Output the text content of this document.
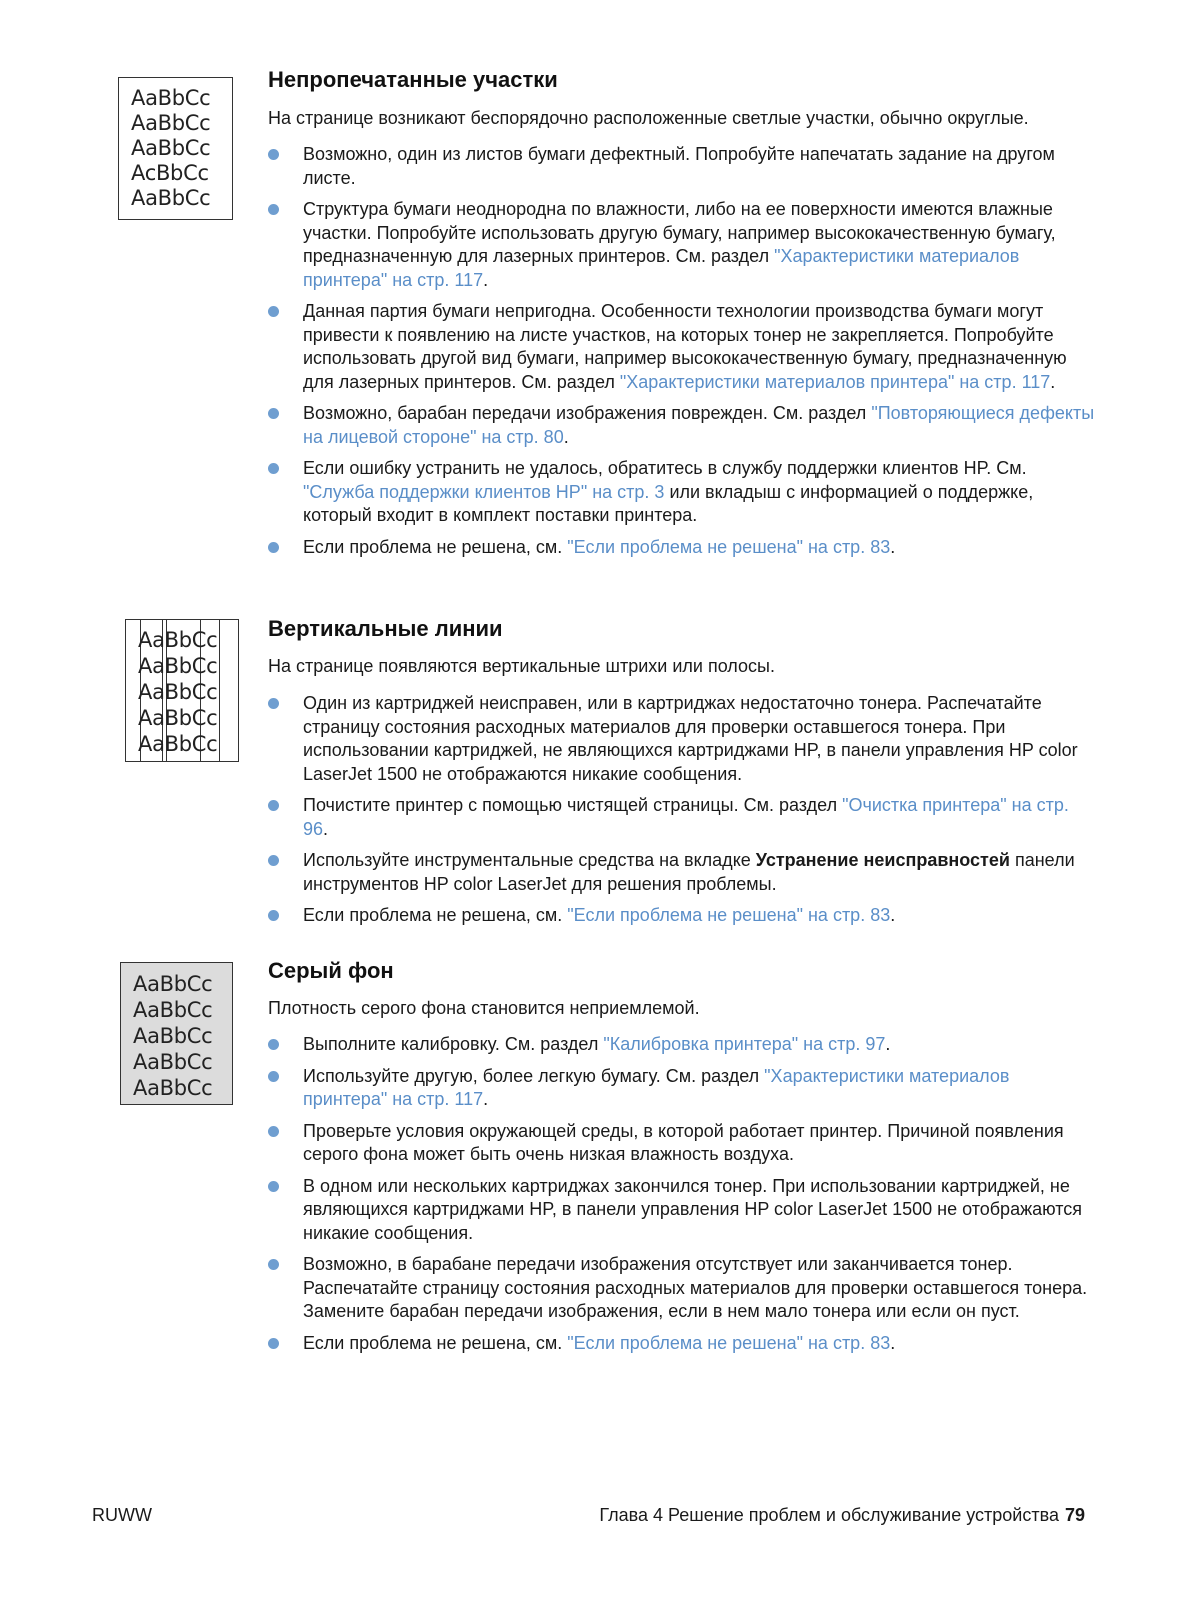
AaBbCc
AaBbCc
AaBbCc
AcBbCc
AaBbCc
Непропечатанные участки

На странице возникают беспорядочно расположенные светлые участки, обычно округлые.

Возможно, один из листов бумаги дефектный. Попробуйте напечатать задание на другом листе.
Структура бумаги неоднородна по влажности, либо на ее поверхности имеются влажные участки. Попробуйте использовать другую бумагу, например высококачественную бумагу, предназначенную для лазерных принтеров. См. раздел "Характеристики материалов принтера" на стр. 117.
Данная партия бумаги непригодна. Особенности технологии производства бумаги могут привести к появлению на листе участков, на которых тонер не закрепляется. Попробуйте использовать другой вид бумаги, например высококачественную бумагу, предназначенную для лазерных принтеров. См. раздел "Характеристики материалов принтера" на стр. 117.
Возможно, барабан передачи изображения поврежден. См. раздел "Повторяющиеся дефекты на лицевой стороне" на стр. 80.
Если ошибку устранить не удалось, обратитесь в службу поддержки клиентов HP. См. "Служба поддержки клиентов HP" на стр. 3 или вкладыш с информацией о поддержке, который входит в комплект поставки принтера.
Если проблема не решена, см. "Если проблема не решена" на стр. 83.
AaBbCc
AaBbCc
AaBbCc
AaBbCc
AaBbCc
Вертикальные линии

На странице появляются вертикальные штрихи или полосы.

Один из картриджей неисправен, или в картриджах недостаточно тонера. Распечатайте страницу состояния расходных материалов для проверки оставшегося тонера. При использовании картриджей, не являющихся картриджами HP, в панели управления HP color LaserJet 1500 не отображаются никакие сообщения.
Почистите принтер с помощью чистящей страницы. См. раздел "Очистка принтера" на стр. 96.
Используйте инструментальные средства на вкладке Устранение неисправностей панели инструментов HP color LaserJet для решения проблемы.
Если проблема не решена, см. "Если проблема не решена" на стр. 83.
AaBbCc
AaBbCc
AaBbCc
AaBbCc
AaBbCc
Серый фон

Плотность серого фона становится неприемлемой.

Выполните калибровку. См. раздел "Калибровка принтера" на стр. 97.
Используйте другую, более легкую бумагу. См. раздел "Характеристики материалов принтера" на стр. 117.
Проверьте условия окружающей среды, в которой работает принтер. Причиной появления серого фона может быть очень низкая влажность воздуха.
В одном или нескольких картриджах закончился тонер. При использовании картриджей, не являющихся картриджами HP, в панели управления HP color LaserJet 1500 не отображаются никакие сообщения.
Возможно, в барабане передачи изображения отсутствует или заканчивается тонер. Распечатайте страницу состояния расходных материалов для проверки оставшегося тонера. Замените барабан передачи изображения, если в нем мало тонера или если он пуст.
Если проблема не решена, см. "Если проблема не решена" на стр. 83.
RUWW	Глава 4 Решение проблем и обслуживание устройства 79
